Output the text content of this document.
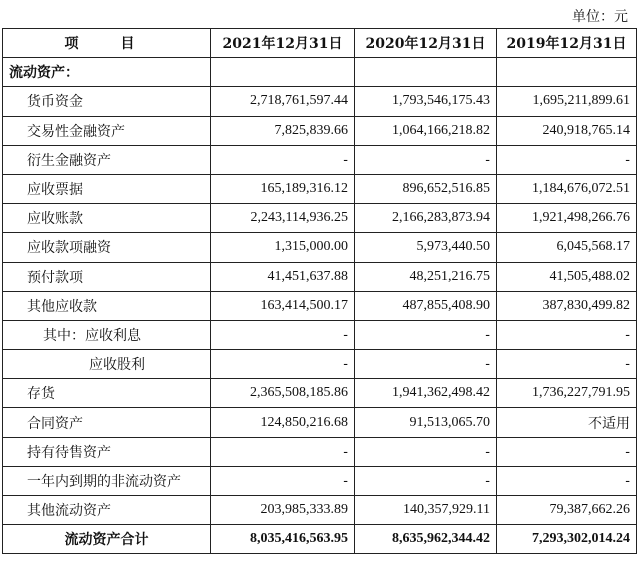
单位：元
项　目	2021年12月31日	2020年12月31日	2019年12月31日
流动资产：			
货币资金	2,718,761,597.44	1,793,546,175.43	1,695,211,899.61
交易性金融资产	7,825,839.66	1,064,166,218.82	240,918,765.14
衍生金融资产	-	-	-
应收票据	165,189,316.12	896,652,516.85	1,184,676,072.51
应收账款	2,243,114,936.25	2,166,283,873.94	1,921,498,266.76
应收款项融资	1,315,000.00	5,973,440.50	6,045,568.17
预付款项	41,451,637.88	48,251,216.75	41,505,488.02
其他应收款	163,414,500.17	487,855,408.90	387,830,499.82
其中：应收利息	-	-	-
应收股利	-	-	-
存货	2,365,508,185.86	1,941,362,498.42	1,736,227,791.95
合同资产	124,850,216.68	91,513,065.70	不适用
持有待售资产	-	-	-
一年内到期的非流动资产	-	-	-
其他流动资产	203,985,333.89	140,357,929.11	79,387,662.26
流动资产合计	8,035,416,563.95	8,635,962,344.42	7,293,302,014.24
